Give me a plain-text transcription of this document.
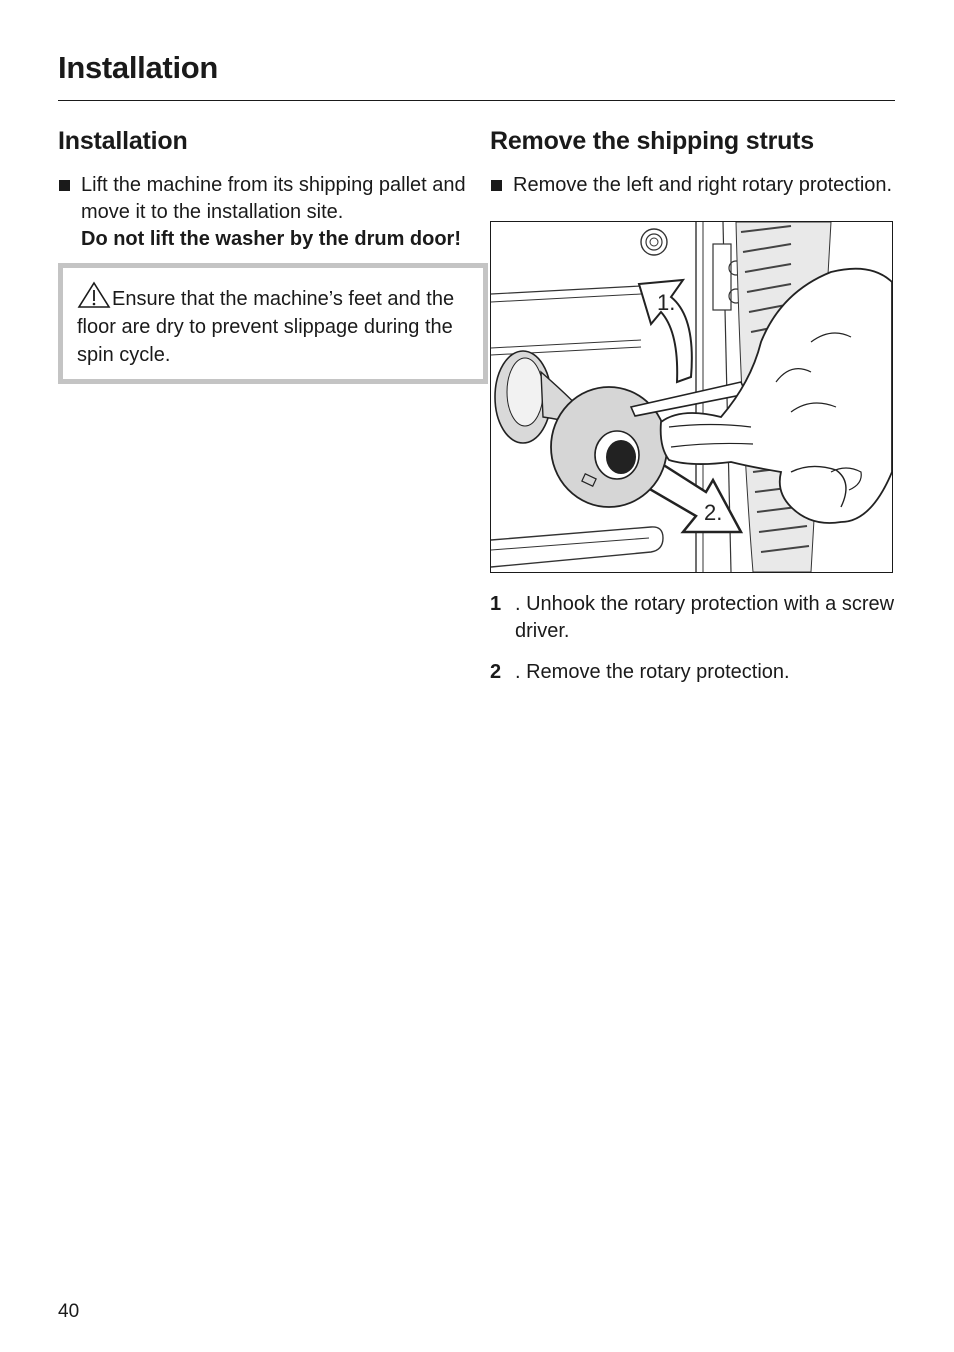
Installation
Installation
Lift the machine from its shipping pallet and move it to the installation site.
Do not lift the washer by the drum door!
Ensure that the machine’s feet and the floor are dry to prevent slippage during the spin cycle.
Remove the shipping struts
Remove the left and right rotary protection.
1.
2.
1 . Unhook the rotary protection with a screw driver.
2 . Remove the rotary protection.
40
